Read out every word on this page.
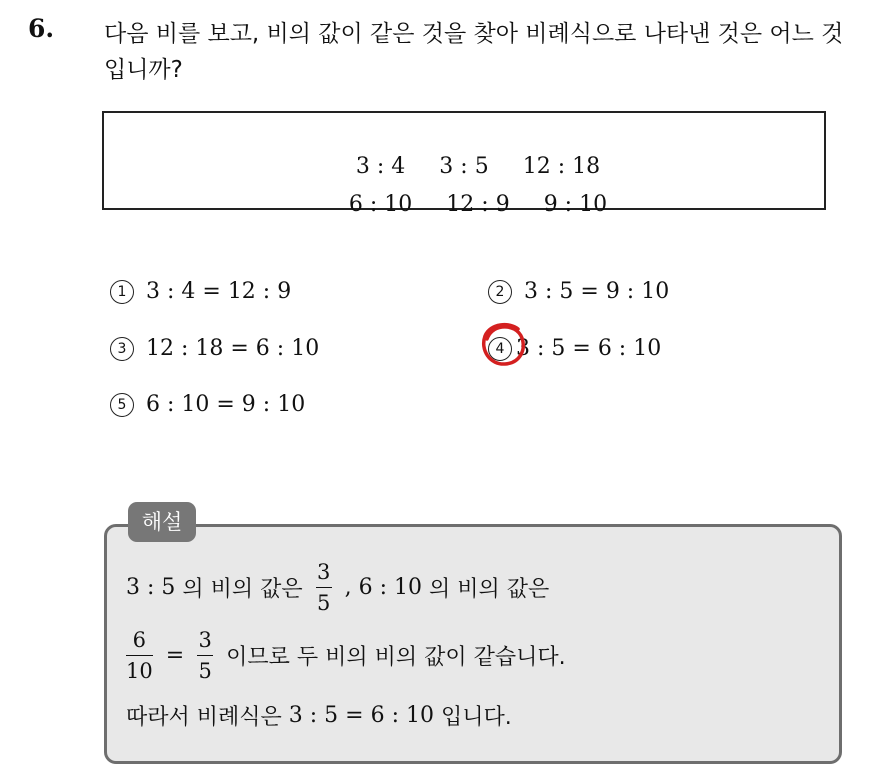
6. 다음 비를 보고, 비의 값이 같은 것을 찾아 비례식으로 나타낸 것은 어느 것입니까?

3 : 4 3 : 5 12 : 18

6 : 10 12 : 9 9 : 10

1 3 : 4 = 12 : 9	2 3 : 5 = 9 : 10
3 12 : 18 = 6 : 10	4 3 : 5 = 6 : 10
5 6 : 10 = 9 : 10
해설
3 : 5 의 비의 값은 $\frac{3}{5}$ , 6 : 10 의 비의 값은
$\frac{6}{10} = \frac{3}{5}$ 이므로 두 비의 비의 값이 같습니다.
따라서 비례식은 3 : 5 = 6 : 10 입니다.
